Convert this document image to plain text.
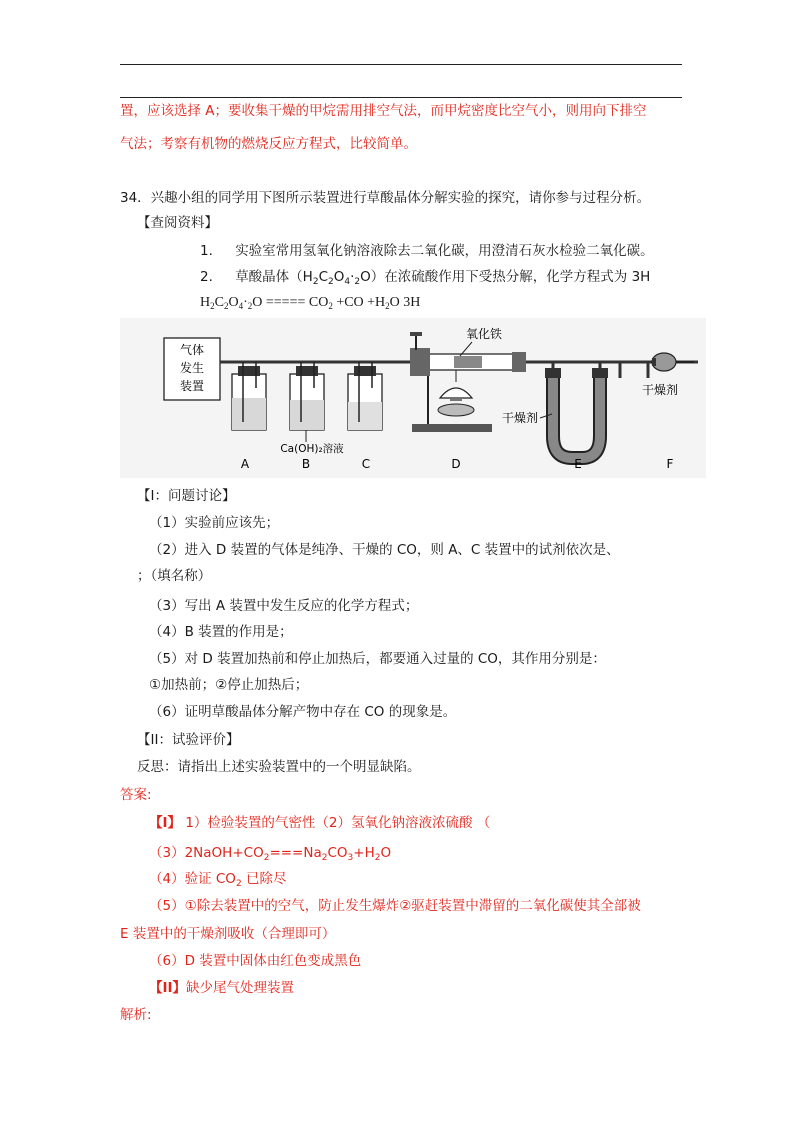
置，应该选择 A；要收集干燥的甲烷需用排空气法，而甲烷密度比空气小，则用向下排空
气法；考察有机物的燃烧反应方程式，比较简单。
34．兴趣小组的同学用下图所示装置进行草酸晶体分解实验的探究，请你参与过程分析。
【查阅资料】
1. 实验室常用氢氧化钠溶液除去二氧化碳，用澄清石灰水检验二氧化碳。
2. 草酸晶体$(H_2C_2O_4\cdot_2O)$在浓硫酸作用下受热分解，化学方程式为 3H
$H_2C_2O_4\cdot_2O$ ===== $CO_2 +CO +H_2O$ 3H
气体
发生
装置
Ca(OH)₂溶液
氧化铁
干燥剂
干燥剂
A	B	C	D	E	F
【I：问题讨论】
（1）实验前应该先；
（2）进入 D 装置的气体是纯净、干燥的 CO，则 A、C 装置中的试剂依次是、
；（填名称）
（3）写出 A 装置中发生反应的化学方程式；
（4）B 装置的作用是；
（5）对 D 装置加热前和停止加热后，都要通入过量的 CO，其作用分别是：
①加热前；②停止加热后；
（6）证明草酸晶体分解产物中存在 CO 的现象是。
【II：试验评价】
反思：请指出上述实验装置中的一个明显缺陷。
答案:
【I】 1）检验装置的气密性（2）氢氧化钠溶液浓硫酸 （
$(3)2NaOH+CO_2===Na_2CO_3+H_2O$
（4）验证 $CO_2$ 已除尽
（5）①除去装置中的空气，防止发生爆炸②驱赶装置中滞留的二氧化碳使其全部被
E 装置中的干燥剂吸收（合理即可）
（6）D 装置中固体由红色变成黑色
【II】缺少尾气处理装置
解析:
